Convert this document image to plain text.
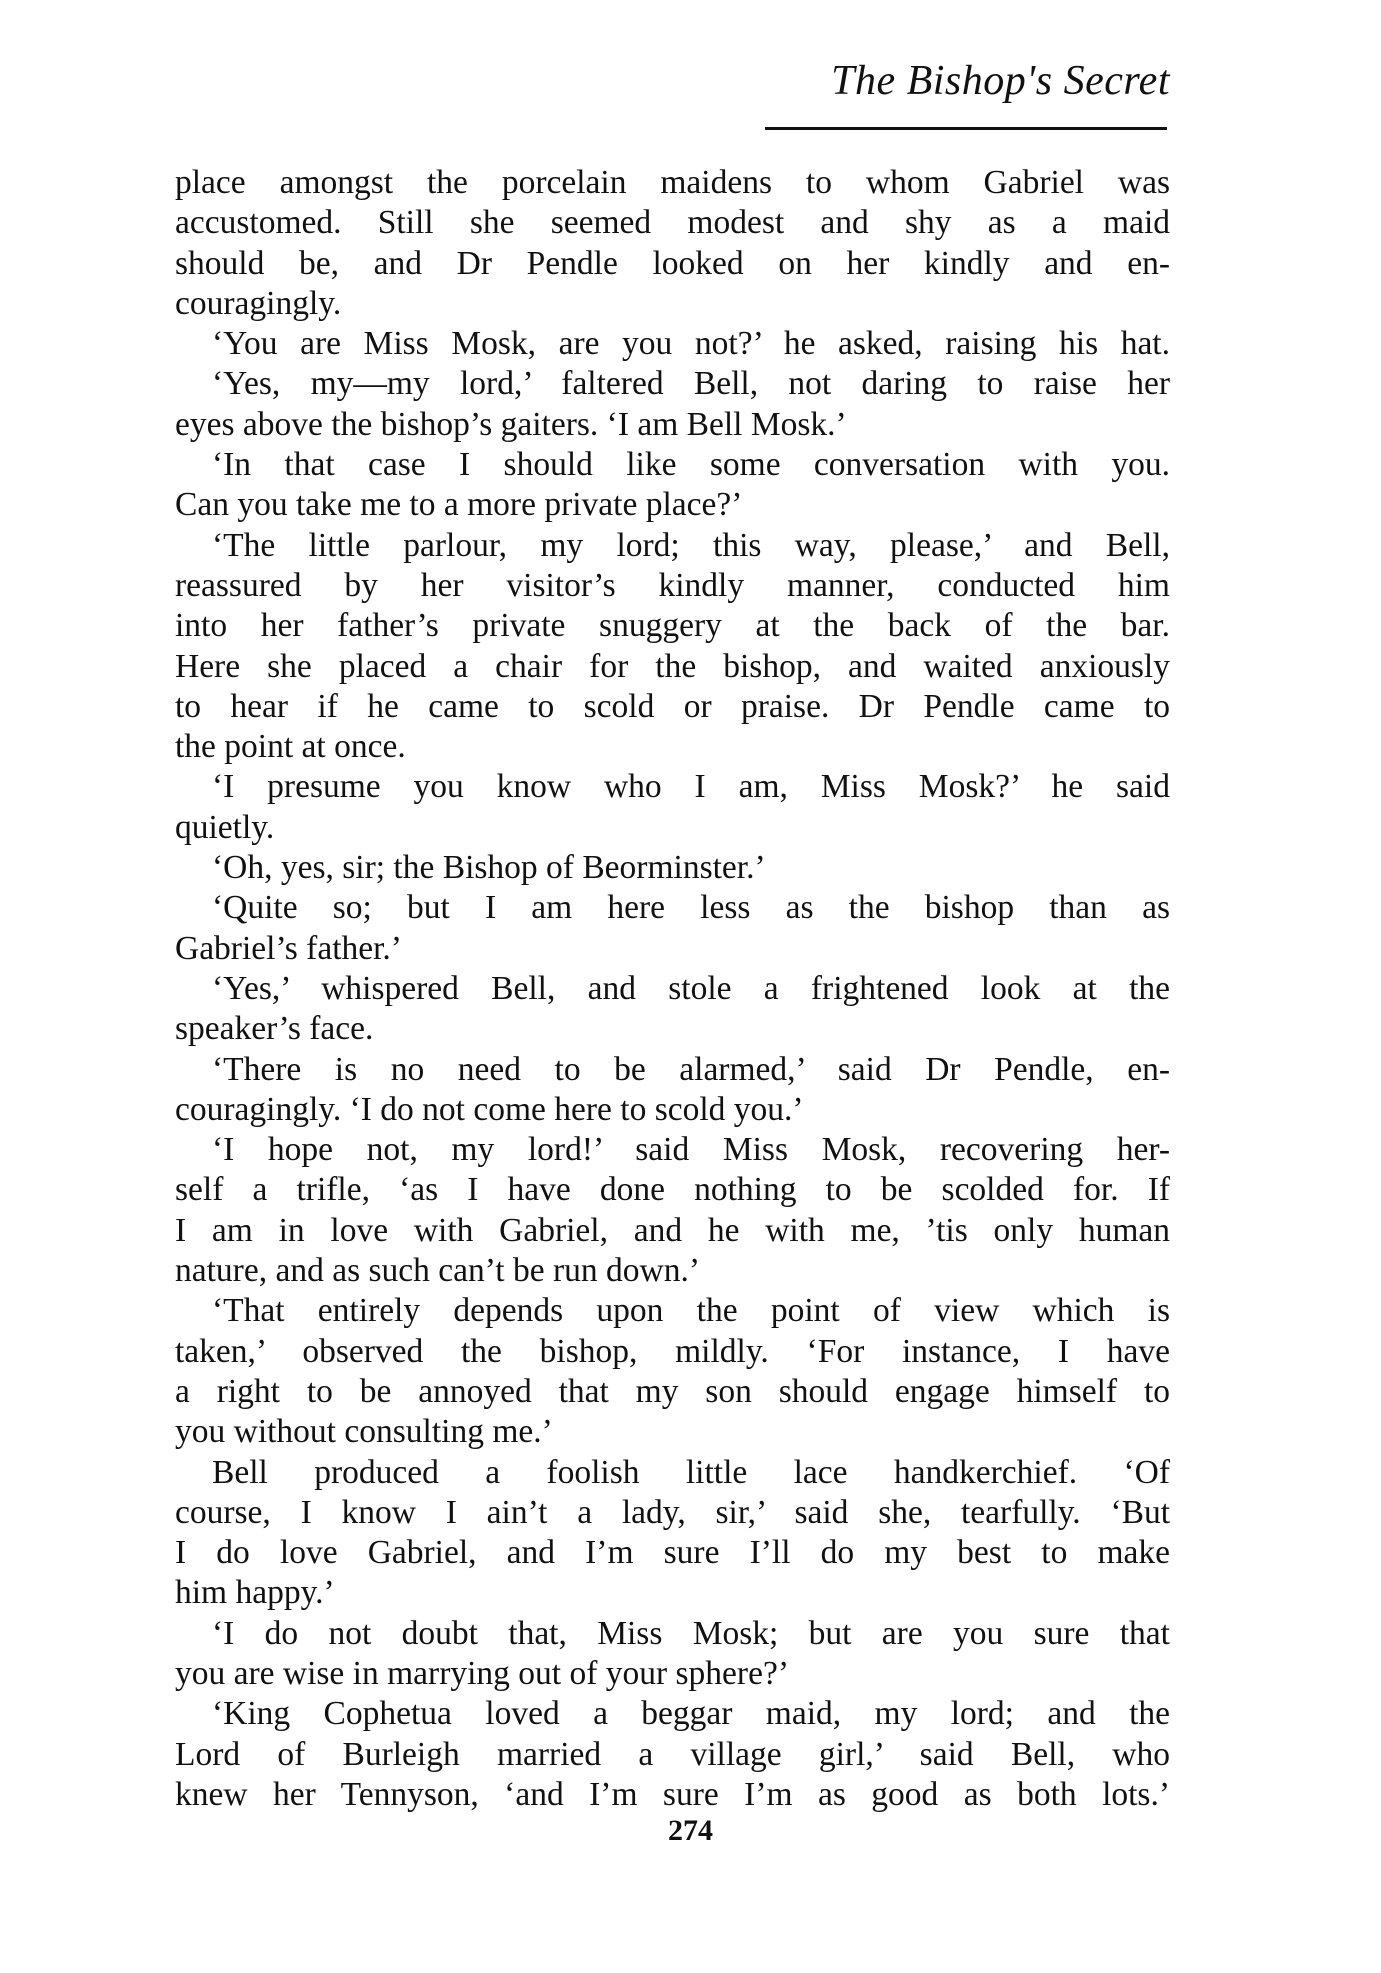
The Bishop's Secret
place amongst the porcelain maidens to whom Gabriel was
accustomed. Still she seemed modest and shy as a maid
should be, and Dr Pendle looked on her kindly and en-
couragingly.
‘You are Miss Mosk, are you not?’ he asked, raising his hat.
‘Yes, my—my lord,’ faltered Bell, not daring to raise her
eyes above the bishop’s gaiters. ‘I am Bell Mosk.’
‘In that case I should like some conversation with you.
Can you take me to a more private place?’
‘The little parlour, my lord; this way, please,’ and Bell,
reassured by her visitor’s kindly manner, conducted him
into her father’s private snuggery at the back of the bar.
Here she placed a chair for the bishop, and waited anxiously
to hear if he came to scold or praise. Dr Pendle came to
the point at once.
‘I presume you know who I am, Miss Mosk?’ he said
quietly.
‘Oh, yes, sir; the Bishop of Beorminster.’
‘Quite so; but I am here less as the bishop than as
Gabriel’s father.’
‘Yes,’ whispered Bell, and stole a frightened look at the
speaker’s face.
‘There is no need to be alarmed,’ said Dr Pendle, en-
couragingly. ‘I do not come here to scold you.’
‘I hope not, my lord!’ said Miss Mosk, recovering her-
self a trifle, ‘as I have done nothing to be scolded for. If
I am in love with Gabriel, and he with me, ’tis only human
nature, and as such can’t be run down.’
‘That entirely depends upon the point of view which is
taken,’ observed the bishop, mildly. ‘For instance, I have
a right to be annoyed that my son should engage himself to
you without consulting me.’
Bell produced a foolish little lace handkerchief. ‘Of
course, I know I ain’t a lady, sir,’ said she, tearfully. ‘But
I do love Gabriel, and I’m sure I’ll do my best to make
him happy.’
‘I do not doubt that, Miss Mosk; but are you sure that
you are wise in marrying out of your sphere?’
‘King Cophetua loved a beggar maid, my lord; and the
Lord of Burleigh married a village girl,’ said Bell, who
knew her Tennyson, ‘and I’m sure I’m as good as both lots.’
274
